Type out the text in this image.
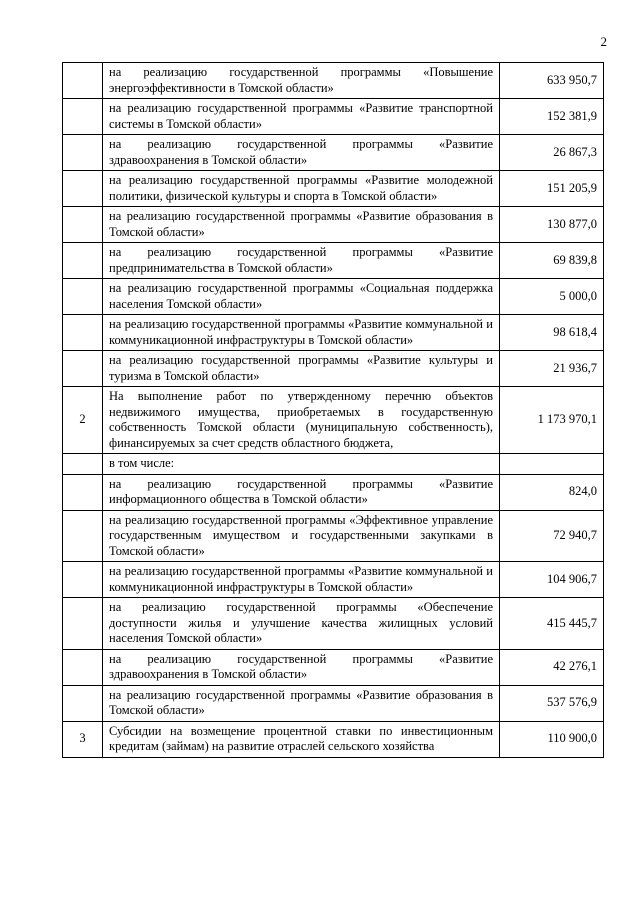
2
	на реализацию государственной программы «Повышение энергоэффективности в Томской области»	633 950,7
	на реализацию государственной программы «Развитие транспортной системы в Томской области»	152 381,9
	на реализацию государственной программы «Развитие здравоохранения в Томской области»	26 867,3
	на реализацию государственной программы «Развитие молодежной политики, физической культуры и спорта в Томской области»	151 205,9
	на реализацию государственной программы «Развитие образования в Томской области»	130 877,0
	на реализацию государственной программы «Развитие предпринимательства в Томской области»	69 839,8
	на реализацию государственной программы «Социальная поддержка населения Томской области»	5 000,0
	на реализацию государственной программы «Развитие коммунальной и коммуникационной инфраструктуры в Томской области»	98 618,4
	на реализацию государственной программы «Развитие культуры и туризма в Томской области»	21 936,7
2	На выполнение работ по утвержденному перечню объектов недвижимого имущества, приобретаемых в государственную собственность Томской области (муниципальную собственность), финансируемых за счет средств областного бюджета,	1 173 970,1
	в том числе:	
	на реализацию государственной программы «Развитие информационного общества в Томской области»	824,0
	на реализацию государственной программы «Эффективное управление государственным имуществом и государственными закупками в Томской области»	72 940,7
	на реализацию государственной программы «Развитие коммунальной и коммуникационной инфраструктуры в Томской области»	104 906,7
	на реализацию государственной программы «Обеспечение доступности жилья и улучшение качества жилищных условий населения Томской области»	415 445,7
	на реализацию государственной программы «Развитие здравоохранения в Томской области»	42 276,1
	на реализацию государственной программы «Развитие образования в Томской области»	537 576,9
3	Субсидии на возмещение процентной ставки по инвестиционным кредитам (займам) на развитие отраслей сельского хозяйства	110 900,0
